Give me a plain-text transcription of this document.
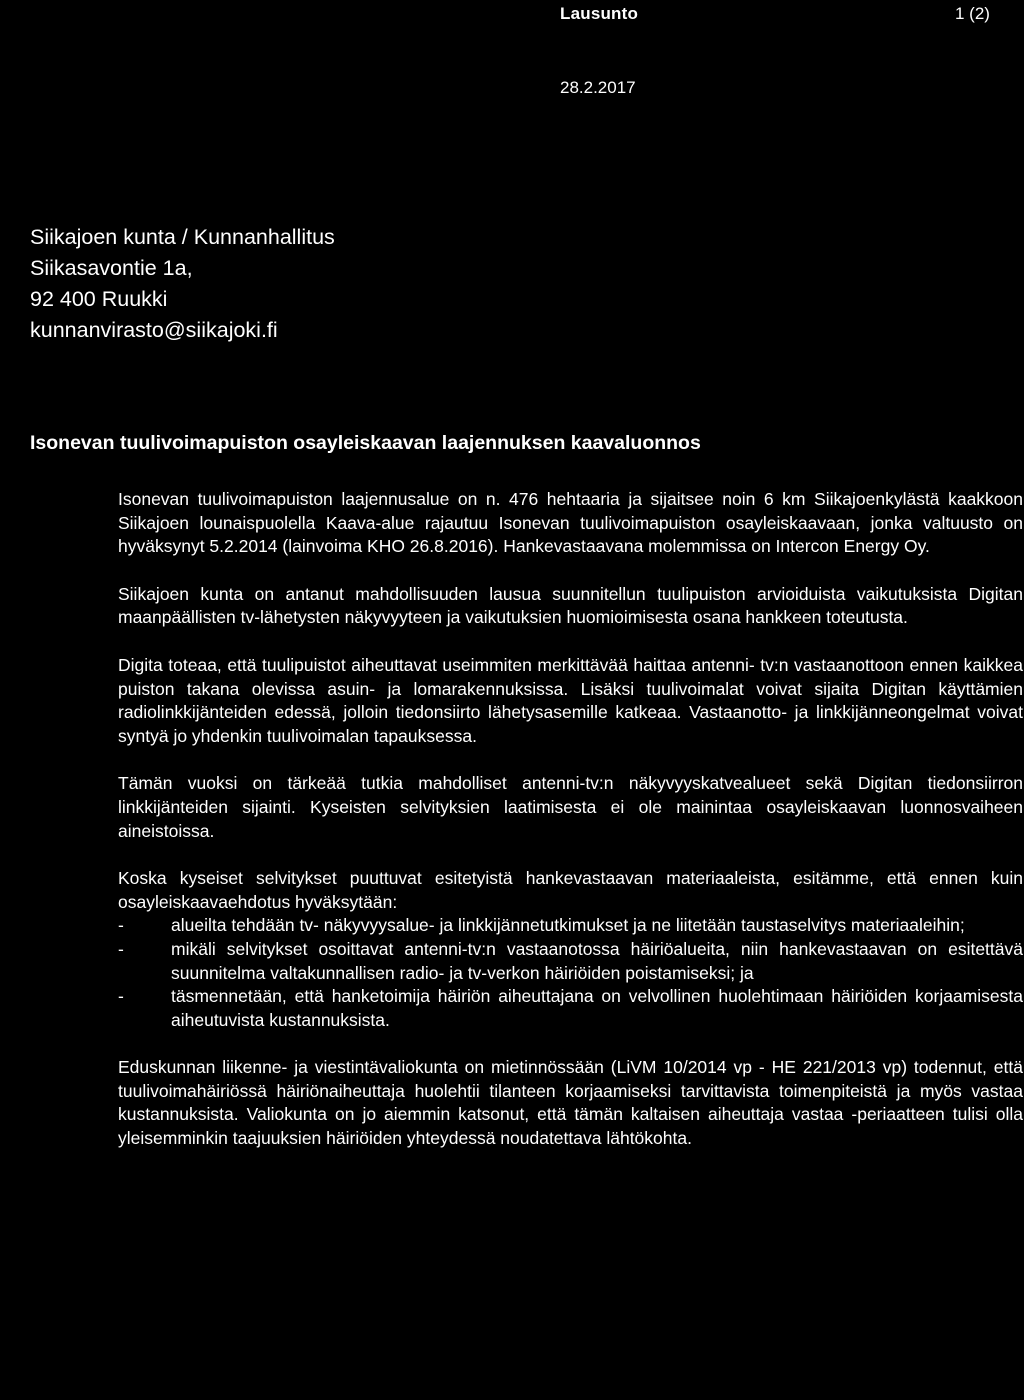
Lausunto	1 (2)
28.2.2017
Siikajoen kunta / Kunnanhallitus
Siikasavontie 1a,
92 400 Ruukki
kunnanvirasto@siikajoki.fi
Isonevan tuulivoimapuiston osayleiskaavan laajennuksen kaavaluonnos

Isonevan tuulivoimapuiston laajennusalue on n. 476 hehtaaria ja sijaitsee noin 6 km Siikajoenkylästä kaakkoon Siikajoen lounaispuolella Kaava-alue rajautuu Isonevan tuulivoimapuiston osayleiskaavaan, jonka valtuusto on hyväksynyt 5.2.2014 (lainvoima KHO 26.8.2016). Hankevastaavana molemmissa on Intercon Energy Oy.

Siikajoen kunta on antanut mahdollisuuden lausua suunnitellun tuulipuiston arvioiduista vaikutuksista Digitan maanpäällisten tv-lähetysten näkyvyyteen ja vaikutuksien huomioimisesta osana hankkeen toteutusta.

Digita toteaa, että tuulipuistot aiheuttavat useimmiten merkittävää haittaa antenni- tv:n vastaanottoon ennen kaikkea puiston takana olevissa asuin- ja lomarakennuksissa. Lisäksi tuulivoimalat voivat sijaita Digitan käyttämien radiolinkkijänteiden edessä, jolloin tiedonsiirto lähetysasemille katkeaa. Vastaanotto- ja linkkijänneongelmat voivat syntyä jo yhdenkin tuulivoimalan tapauksessa.

Tämän vuoksi on tärkeää tutkia mahdolliset antenni-tv:n näkyvyyskatvealueet sekä Digitan tiedonsiirron linkkijänteiden sijainti. Kyseisten selvityksien laatimisesta ei ole mainintaa osayleiskaavan luonnosvaiheen aineistoissa.

Koska kyseiset selvitykset puuttuvat esitetyistä hankevastaavan materiaaleista, esitämme, että ennen kuin osayleiskaavaehdotus hyväksytään:

-	alueilta tehdään tv- näkyvyysalue- ja linkkijännetutkimukset ja ne liitetään taustaselvitys materiaaleihin;
-	mikäli selvitykset osoittavat antenni-tv:n vastaanotossa häiriöalueita, niin hankevastaavan on esitettävä suunnitelma valtakunnallisen radio- ja tv-verkon häiriöiden poistamiseksi; ja
-	täsmennetään, että hanketoimija häiriön aiheuttajana on velvollinen huolehtimaan häiriöiden korjaamisesta aiheutuvista kustannuksista.

Eduskunnan liikenne- ja viestintävaliokunta on mietinnössään (LiVM 10/2014 vp - HE 221/2013 vp) todennut, että tuulivoimahäiriössä häiriönaiheuttaja huolehtii tilanteen korjaamiseksi tarvittavista toimenpiteistä ja myös vastaa kustannuksista. Valiokunta on jo aiemmin katsonut, että tämän kaltaisen aiheuttaja vastaa -periaatteen tulisi olla yleisemminkin taajuuksien häiriöiden yhteydessä noudatettava lähtökohta.
